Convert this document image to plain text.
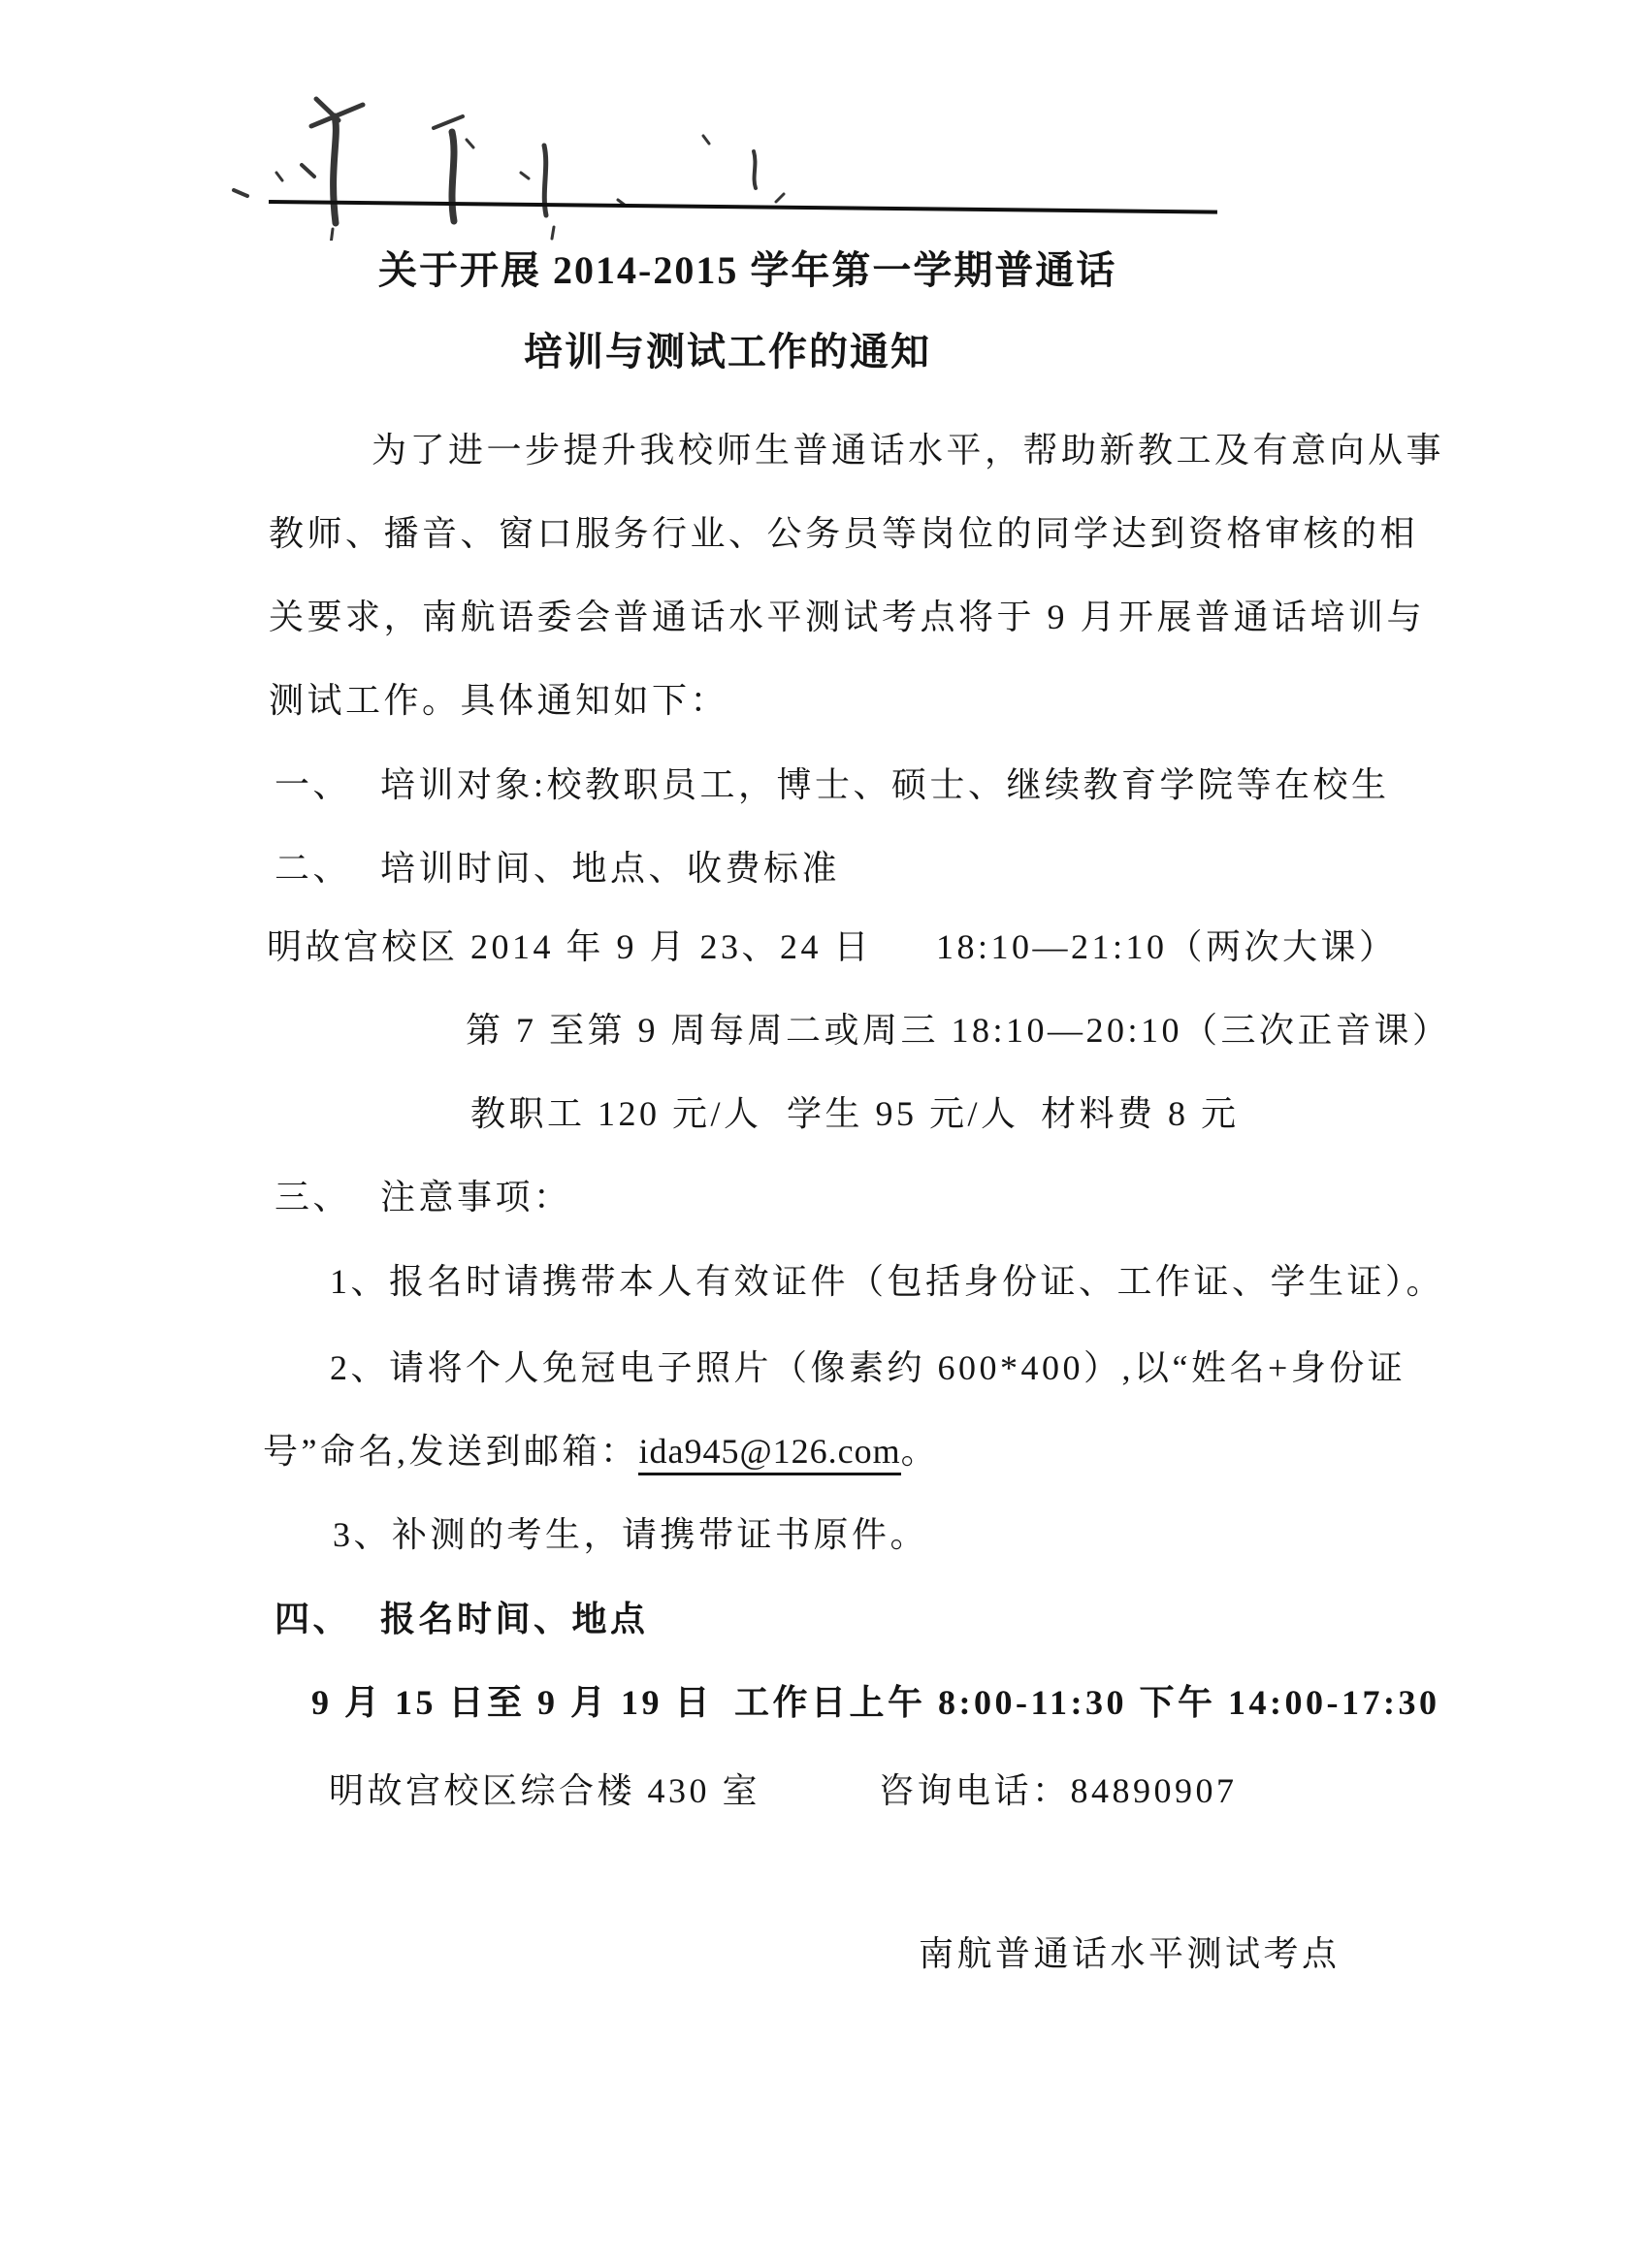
关于开展 2014-2015 学年第一学期普通话
培训与测试工作的通知
为了进一步提升我校师生普通话水平，帮助新教工及有意向从事
教师、播音、窗口服务行业、公务员等岗位的同学达到资格审核的相
关要求，南航语委会普通话水平测试考点将于 9 月开展普通话培训与
测试工作。具体通知如下：
一、 培训对象:校教职员工，博士、硕士、继续教育学院等在校生
二、 培训时间、地点、收费标准
明故宫校区 2014 年 9 月 23、24 日 18:10—21:10（两次大课）
第 7 至第 9 周每周二或周三 18:10—20:10（三次正音课）
教职工 120 元/人 学生 95 元/人 材料费 8 元
三、 注意事项：
1、报名时请携带本人有效证件（包括身份证、工作证、学生证）。
2、请将个人免冠电子照片（像素约 600*400）,以“姓名+身份证
号”命名,发送到邮箱：ida945@126.com。
3、补测的考生，请携带证书原件。
四、 报名时间、地点
9 月 15 日至 9 月 19 日 工作日上午 8:00-11:30 下午 14:00-17:30
明故宫校区综合楼 430 室	咨询电话：84890907
南航普通话水平测试考点
